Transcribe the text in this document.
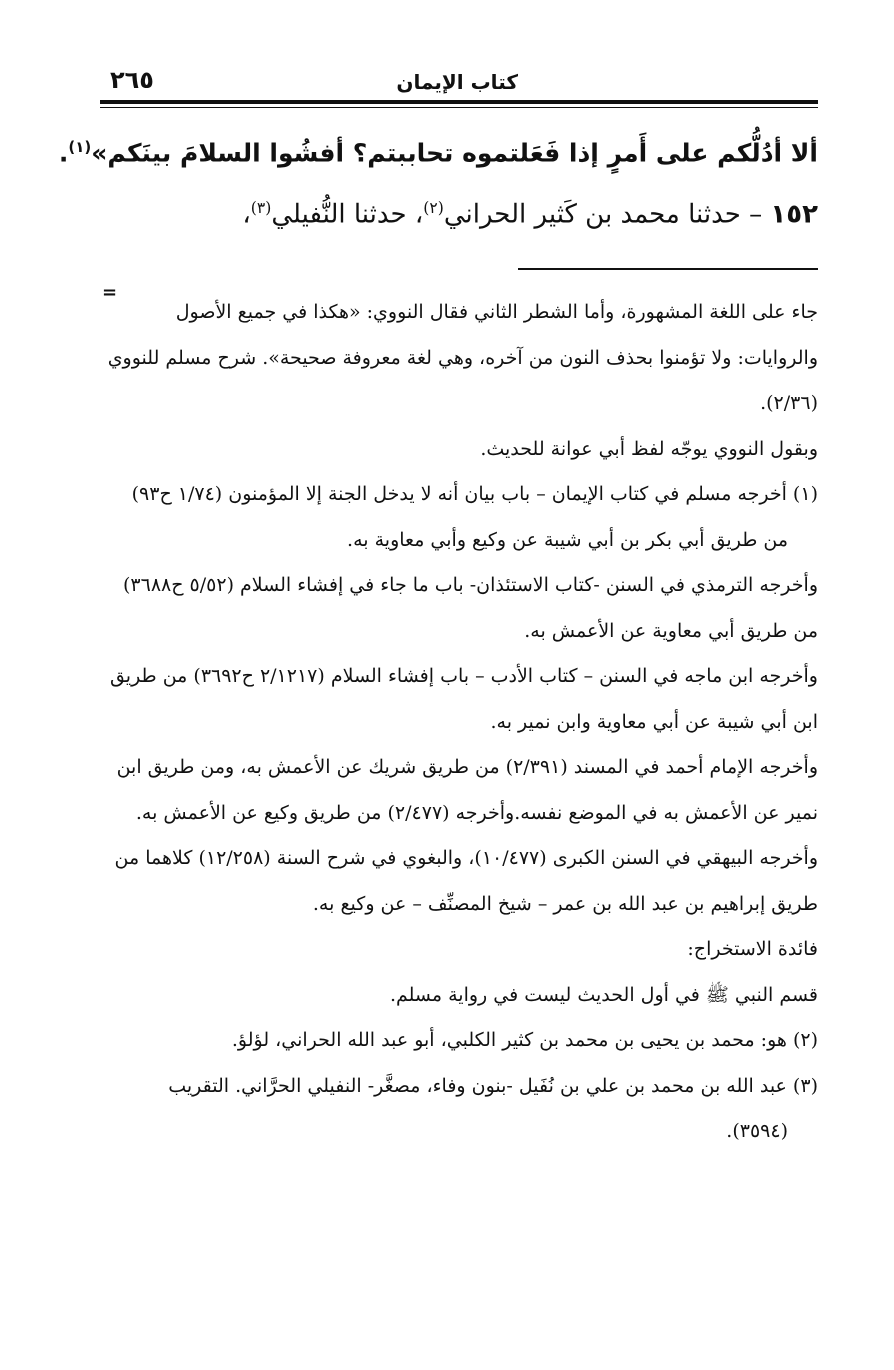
كتاب الإيمان
٢٦٥
ألا أدُلُّكم على أَمرٍ إذا فَعَلتموه تحاببتم؟ أفشُوا السلامَ بينَكم»$^{(١)}$.
١٥٢ – حدثنا محمد بن كَثير الحراني$^{(٢)}$، حدثنا النُّفيلي$^{(٣)}$،
=

جاء على اللغة المشهورة، وأما الشطر الثاني فقال النووي: «هكذا في جميع الأصول والروايات: ولا تؤمنوا بحذف النون من آخره، وهي لغة معروفة صحيحة». شرح مسلم للنووي (٢/٣٦).

وبقول النووي يوجّه لفظ أبي عوانة للحديث.

(١) أخرجه مسلم في كتاب الإيمان – باب بيان أنه لا يدخل الجنة إلا المؤمنون (١/٧٤ ح٩٣) من طريق أبي بكر بن أبي شيبة عن وكيع وأبي معاوية به.

وأخرجه الترمذي في السنن -كتاب الاستئذان- باب ما جاء في إفشاء السلام (٥/٥٢ ح٣٦٨٨) من طريق أبي معاوية عن الأعمش به.

وأخرجه ابن ماجه في السنن – كتاب الأدب – باب إفشاء السلام (٢/١٢١٧ ح٣٦٩٢) من طريق ابن أبي شيبة عن أبي معاوية وابن نمير به.

وأخرجه الإمام أحمد في المسند (٢/٣٩١) من طريق شريك عن الأعمش به، ومن طريق ابن نمير عن الأعمش به في الموضع نفسه.وأخرجه (٢/٤٧٧) من طريق وكيع عن الأعمش به.

وأخرجه البيهقي في السنن الكبرى (١٠/٤٧٧)، والبغوي في شرح السنة (١٢/٢٥٨) كلاهما من طريق إبراهيم بن عبد الله بن عمر – شيخ المصنِّف – عن وكيع به.

فائدة الاستخراج:

قسم النبي ﷺ في أول الحديث ليست في رواية مسلم.

(٢) هو: محمد بن يحيى بن محمد بن كثير الكلبي، أبو عبد الله الحراني، لؤلؤ.

(٣) عبد الله بن محمد بن علي بن نُفَيل -بنون وفاء، مصغَّر- النفيلي الحرَّاني. التقريب (٣٥٩٤).
